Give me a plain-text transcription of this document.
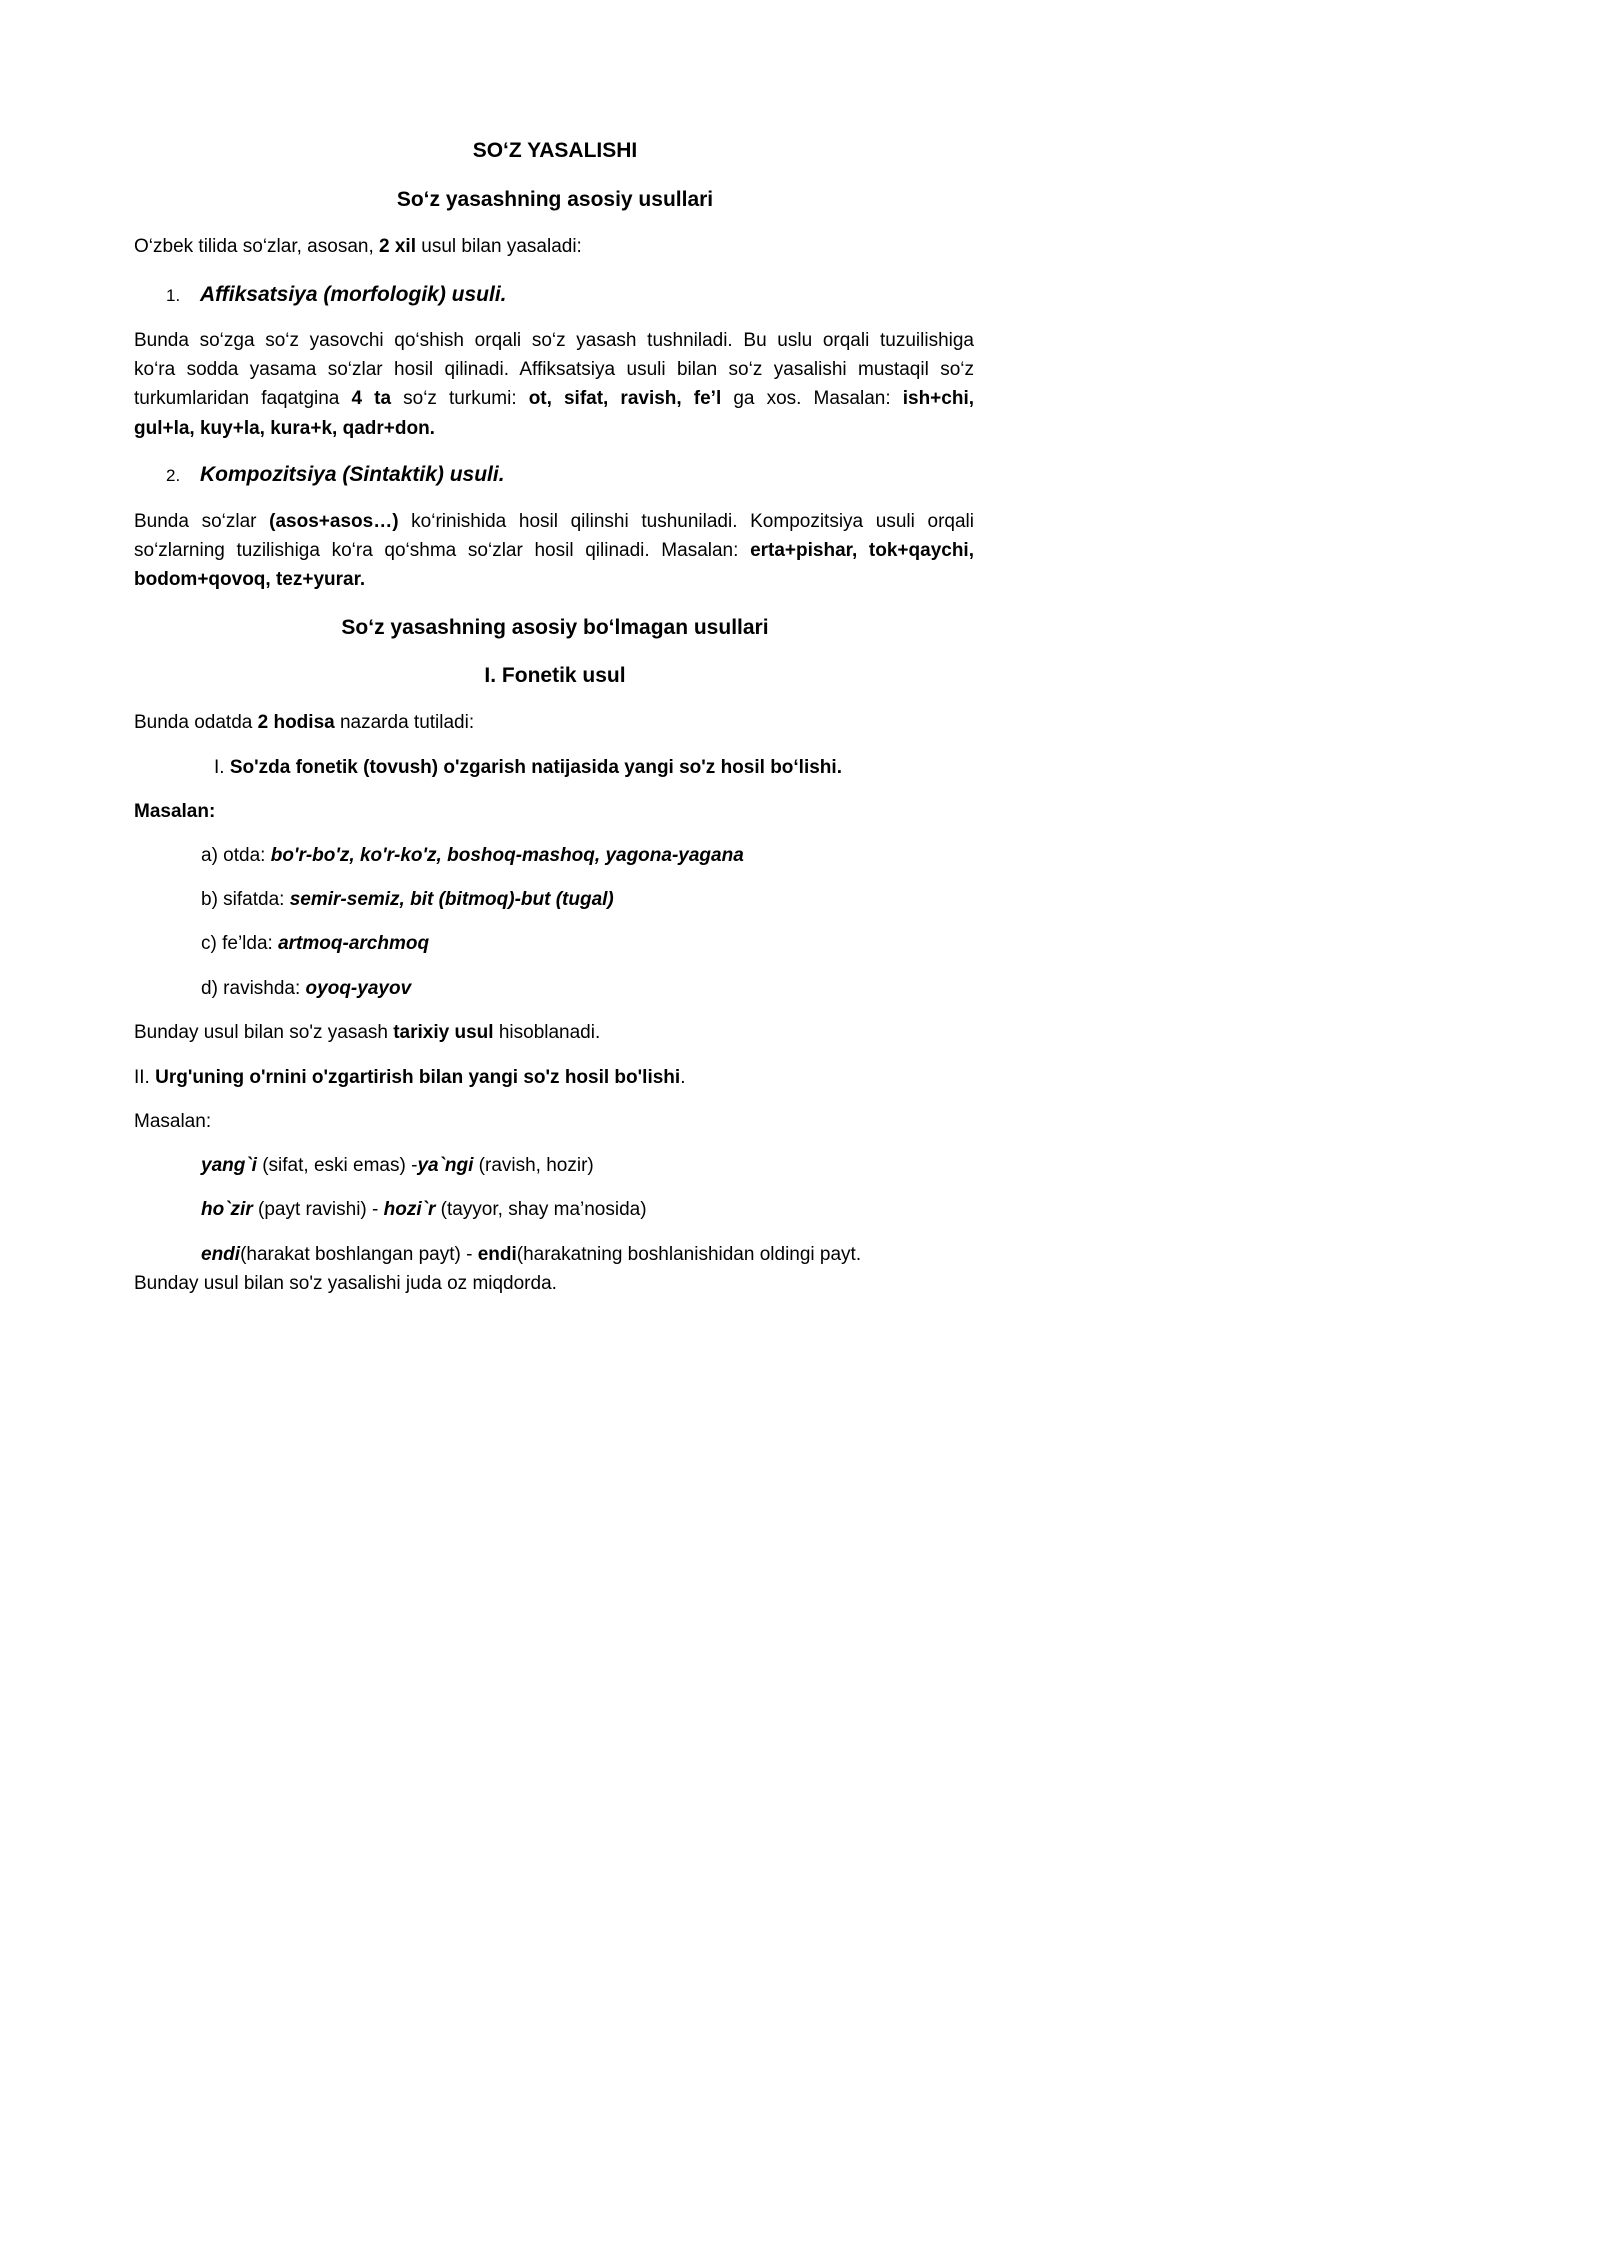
SO‘Z YASALISHI
So‘z yasashning asosiy usullari
O‘zbek tilida so‘zlar, asosan, 2 xil usul bilan yasaladi:
1. Affiksatsiya (morfologik) usuli.
Bunda so‘zga so‘z yasovchi qo‘shish orqali so‘z yasash tushniladi. Bu uslu orqali tuzuilishiga
ko‘ra sodda yasama so‘zlar hosil qilinadi. Affiksatsiya usuli bilan so‘z yasalishi mustaqil so‘z
turkumlaridan faqatgina 4 ta so‘z turkumi: ot, sifat, ravish, fe’l ga xos. Masalan: ish+chi,
gul+la, kuy+la, kura+k, qadr+don.
2. Kompozitsiya (Sintaktik) usuli.
Bunda so‘zlar (asos+asos…) ko‘rinishida hosil qilinshi tushuniladi. Kompozitsiya usuli orqali
so‘zlarning tuzilishiga ko‘ra qo‘shma so‘zlar hosil qilinadi. Masalan: erta+pishar, tok+qaychi,
bodom+qovoq, tez+yurar.
So‘z yasashning asosiy bo‘lmagan usullari
I. Fonetik usul
Bunda odatda 2 hodisa nazarda tutiladi:
I. So'zda fonetik (tovush) o'zgarish natijasida yangi so'z hosil bo‘lishi.
Masalan:
a) otda: bo'r-bo'z, ko'r-ko'z, boshoq-mashoq, yagona-yagana
b) sifatda: semir-semiz, bit (bitmoq)-but (tugal)
c) fe’lda: artmoq-archmoq
d) ravishda: oyoq-yayov
Bunday usul bilan so'z yasash tarixiy usul hisoblanadi.
II. Urg'uning o'rnini o'zgartirish bilan yangi so'z hosil bo'lishi.
Masalan:
yang`i (sifat, eski emas) -ya`ngi (ravish, hozir)
ho`zir (payt ravishi) - hozi`r (tayyor, shay ma’nosida)
endi(harakat boshlangan payt) - endi(harakatning boshlanishidan oldingi payt.
Bunday usul bilan so'z yasalishi juda oz miqdorda.
